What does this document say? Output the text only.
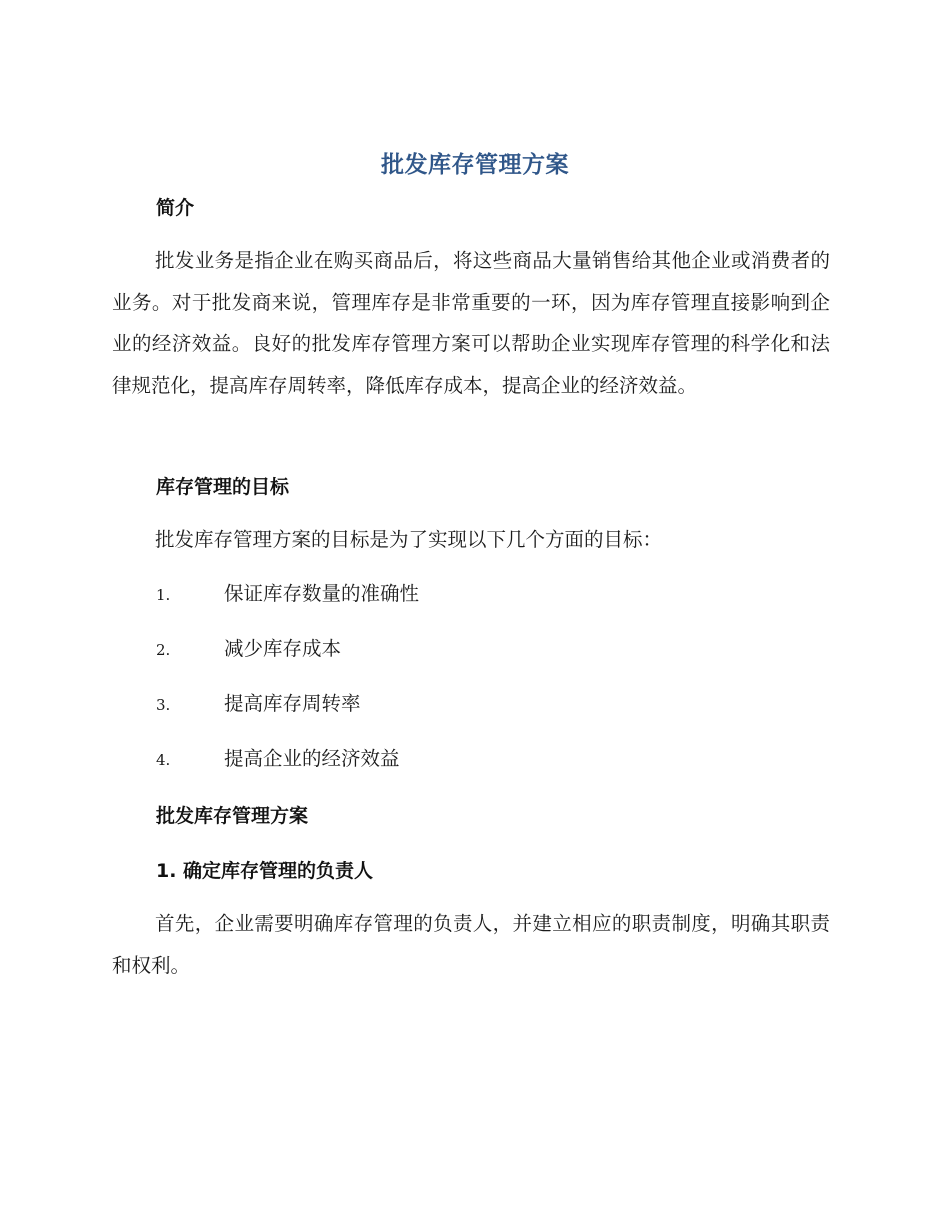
批发库存管理方案
简介

批发业务是指企业在购买商品后，将这些商品大量销售给其他企业或消费者的业务。对于批发商来说，管理库存是非常重要的一环，因为库存管理直接影响到企业的经济效益。良好的批发库存管理方案可以帮助企业实现库存管理的科学化和法律规范化，提高库存周转率，降低库存成本，提高企业的经济效益。

库存管理的目标

批发库存管理方案的目标是为了实现以下几个方面的目标：

1.	保证库存数量的准确性
2.	减少库存成本
3.	提高库存周转率
4.	提高企业的经济效益
批发库存管理方案
1. 确定库存管理的负责人

首先，企业需要明确库存管理的负责人，并建立相应的职责制度，明确其职责和权利。
